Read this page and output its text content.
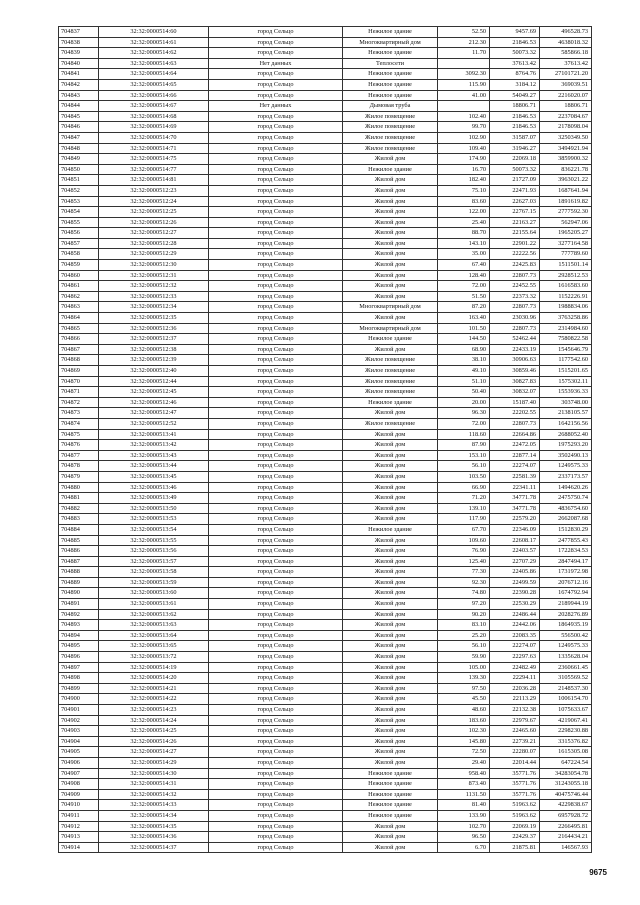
704837	32:32:0000514:60	город Сельцо	Нежилое здание	52.50	9457.69	496528.73
704838	32:32:0000514:61	город Сельцо	Многоквартирный дом	212.30	21846.53	4638018.32
704839	32:32:0000514:62	город Сельцо	Нежилое здание	11.70	50073.32	585866.18
704840	32:32:0000514:63	Нет данных	Теплосети		37613.42	37613.42
704841	32:32:0000514:64	город Сельцо	Нежилое здание	3092.30	8764.76	27101721.20
704842	32:32:0000514:65	город Сельцо	Нежилое здание	115.90	3184.12	369039.51
704843	32:32:0000514:66	город Сельцо	Нежилое здание	41.00	54049.27	2216020.07
704844	32:32:0000514:67	Нет данных	Дымовая труба		18806.71	18806.71
704845	32:32:0000514:68	город Сельцо	Жилое помещение	102.40	21846.53	2237084.67
704846	32:32:0000514:69	город Сельцо	Жилое помещение	99.70	21846.53	2178098.04
704847	32:32:0000514:70	город Сельцо	Жилое помещение	102.90	31587.07	3250349.50
704848	32:32:0000514:71	город Сельцо	Жилое помещение	109.40	31946.27	3494921.94
704849	32:32:0000514:75	город Сельцо	Жилой дом	174.90	22069.18	3859900.32
704850	32:32:0000514:77	город Сельцо	Нежилое здание	16.70	50073.32	836221.78
704851	32:32:0000514:81	город Сельцо	Жилой дом	182.40	21727.09	3963021.22
704852	32:32:0000512:23	город Сельцо	Жилой дом	75.10	22471.93	1687641.94
704853	32:32:0000512:24	город Сельцо	Жилой дом	83.60	22627.03	1891619.82
704854	32:32:0000512:25	город Сельцо	Жилой дом	122.00	22767.15	2777592.30
704855	32:32:0000512:26	город Сельцо	Жилой дом	25.40	22163.27	562947.06
704856	32:32:0000512:27	город Сельцо	Жилой дом	88.70	22155.64	1965205.27
704857	32:32:0000512:28	город Сельцо	Жилой дом	143.10	22901.22	3277164.58
704858	32:32:0000512:29	город Сельцо	Жилой дом	35.00	22222.56	777789.60
704859	32:32:0000512:30	город Сельцо	Жилой дом	67.40	22425.83	1511501.14
704860	32:32:0000512:31	город Сельцо	Жилой дом	128.40	22807.73	2928512.53
704861	32:32:0000512:32	город Сельцо	Жилой дом	72.00	22452.55	1616583.60
704862	32:32:0000512:33	город Сельцо	Жилой дом	51.50	22373.32	1152226.91
704863	32:32:0000512:34	город Сельцо	Многоквартирный дом	87.20	22807.73	1988834.06
704864	32:32:0000512:35	город Сельцо	Жилой дом	163.40	23030.96	3763258.86
704865	32:32:0000512:36	город Сельцо	Многоквартирный дом	101.50	22807.73	2314984.60
704866	32:32:0000512:37	город Сельцо	Нежилое здание	144.50	52462.44	7580822.58
704867	32:32:0000512:38	город Сельцо	Жилой дом	68.90	22433.19	1545646.79
704868	32:32:0000512:39	город Сельцо	Жилое помещение	38.10	30906.63	1177542.60
704869	32:32:0000512:40	город Сельцо	Жилое помещение	49.10	30859.46	1515201.65
704870	32:32:0000512:44	город Сельцо	Жилое помещение	51.10	30827.83	1575302.11
704871	32:32:0000512:45	город Сельцо	Жилое помещение	50.40	30832.07	1553936.33
704872	32:32:0000512:46	город Сельцо	Нежилое здание	20.00	15187.40	303748.00
704873	32:32:0000512:47	город Сельцо	Жилой дом	96.30	22202.55	2138105.57
704874	32:32:0000512:52	город Сельцо	Жилое помещение	72.00	22807.73	1642156.56
704875	32:32:0000513:41	город Сельцо	Жилой дом	118.60	22664.86	2688052.40
704876	32:32:0000513:42	город Сельцо	Жилой дом	87.90	22472.05	1975293.20
704877	32:32:0000513:43	город Сельцо	Жилой дом	153.10	22877.14	3502490.13
704878	32:32:0000513:44	город Сельцо	Жилой дом	56.10	22274.07	1249575.33
704879	32:32:0000513:45	город Сельцо	Жилой дом	103.50	22581.39	2337173.57
704880	32:32:0000513:46	город Сельцо	Жилой дом	66.90	22341.11	1494620.26
704881	32:32:0000513:49	город Сельцо	Жилой дом	71.20	34771.78	2475750.74
704882	32:32:0000513:50	город Сельцо	Жилой дом	139.10	34771.78	4836754.60
704883	32:32:0000513:53	город Сельцо	Жилой дом	117.90	22579.20	2662087.68
704884	32:32:0000513:54	город Сельцо	Нежилое здание	67.70	22346.09	1512830.29
704885	32:32:0000513:55	город Сельцо	Жилой дом	109.60	22608.17	2477855.43
704886	32:32:0000513:56	город Сельцо	Жилой дом	76.90	22403.57	1722834.53
704887	32:32:0000513:57	город Сельцо	Жилой дом	125.40	22707.29	2847494.17
704888	32:32:0000513:58	город Сельцо	Жилой дом	77.30	22405.86	1731972.98
704889	32:32:0000513:59	город Сельцо	Жилой дом	92.30	22499.59	2076712.16
704890	32:32:0000513:60	город Сельцо	Жилой дом	74.80	22390.28	1674792.94
704891	32:32:0000513:61	город Сельцо	Жилой дом	97.20	22530.29	2189944.19
704892	32:32:0000513:62	город Сельцо	Жилой дом	90.20	22486.44	2028276.89
704893	32:32:0000513:63	город Сельцо	Жилой дом	83.10	22442.06	1864935.19
704894	32:32:0000513:64	город Сельцо	Жилой дом	25.20	22083.35	556500.42
704895	32:32:0000513:65	город Сельцо	Жилой дом	56.10	22274.07	1249575.33
704896	32:32:0000513:72	город Сельцо	Жилой дом	59.90	22297.63	1335628.04
704897	32:32:0000514:19	город Сельцо	Жилой дом	105.00	22482.49	2360661.45
704898	32:32:0000514:20	город Сельцо	Жилой дом	139.30	22294.11	3105569.52
704899	32:32:0000514:21	город Сельцо	Жилой дом	97.50	22036.28	2148537.30
704900	32:32:0000514:22	город Сельцо	Жилой дом	45.50	22113.29	1006154.70
704901	32:32:0000514:23	город Сельцо	Жилой дом	48.60	22132.38	1075633.67
704902	32:32:0000514:24	город Сельцо	Жилой дом	183.60	22979.67	4219067.41
704903	32:32:0000514:25	город Сельцо	Жилой дом	102.30	22465.60	2298230.88
704904	32:32:0000514:26	город Сельцо	Жилой дом	145.80	22739.21	3315376.82
704905	32:32:0000514:27	город Сельцо	Жилой дом	72.50	22280.07	1615305.08
704906	32:32:0000514:29	город Сельцо	Жилой дом	29.40	22014.44	647224.54
704907	32:32:0000514:30	город Сельцо	Нежилое здание	958.40	35771.76	34283054.78
704908	32:32:0000514:31	город Сельцо	Нежилое здание	873.40	35771.76	31243055.18
704909	32:32:0000514:32	город Сельцо	Нежилое здание	1131.50	35771.76	40475746.44
704910	32:32:0000514:33	город Сельцо	Нежилое здание	81.40	51963.62	4229838.67
704911	32:32:0000514:34	город Сельцо	Нежилое здание	133.90	51963.62	6957928.72
704912	32:32:0000514:35	город Сельцо	Жилой дом	102.70	22069.19	2266495.81
704913	32:32:0000514:36	город Сельцо	Жилой дом	96.50	22429.37	2164434.21
704914	32:32:0000514:37	город Сельцо	Жилой дом	6.70	21875.81	146567.93
9675
